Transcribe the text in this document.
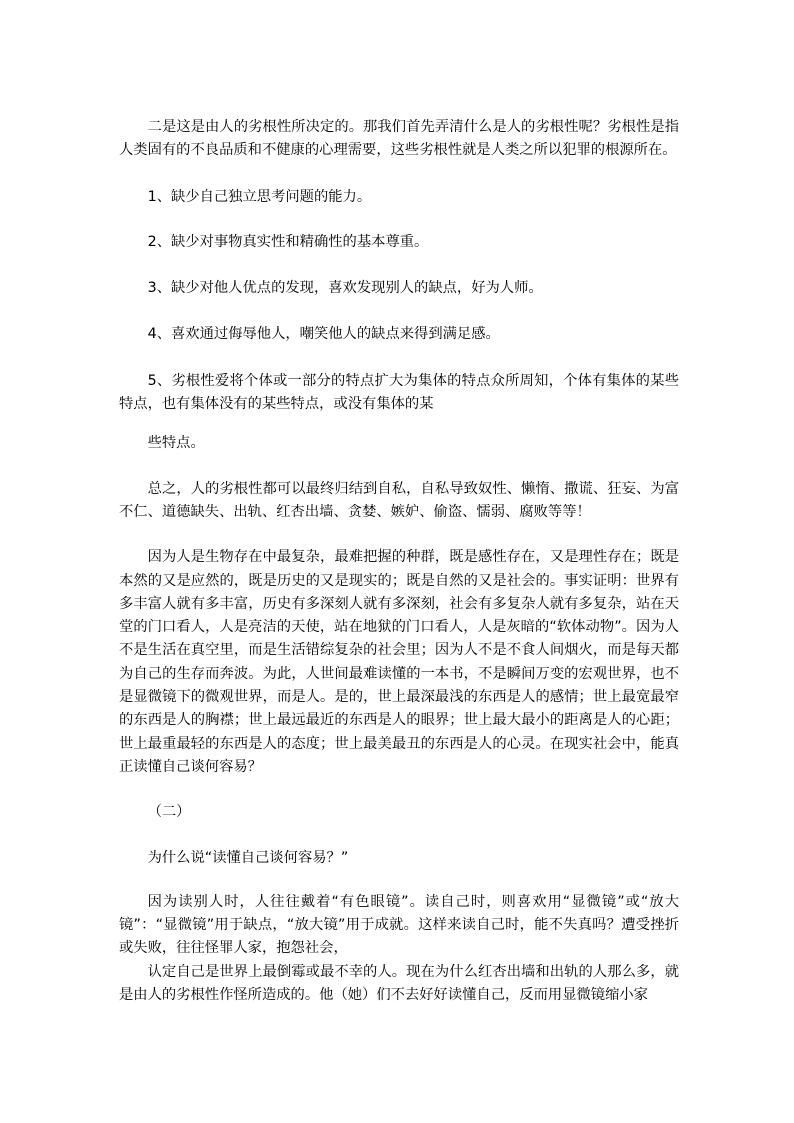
二是这是由人的劣根性所决定的。那我们首先弄清什么是人的劣根性呢？劣根性是指人类固有的不良品质和不健康的心理需要，这些劣根性就是人类之所以犯罪的根源所在。

1、缺少自己独立思考问题的能力。

2、缺少对事物真实性和精确性的基本尊重。

3、缺少对他人优点的发现，喜欢发现别人的缺点，好为人师。

4、喜欢通过侮辱他人，嘲笑他人的缺点来得到满足感。

5、劣根性爱将个体或一部分的特点扩大为集体的特点众所周知，个体有集体的某些特点，也有集体没有的某些特点，或没有集体的某

些特点。

总之，人的劣根性都可以最终归结到自私，自私导致奴性、懒惰、撒谎、狂妄、为富不仁、道德缺失、出轨、红杏出墙、贪婪、嫉妒、偷盗、懦弱、腐败等等！

因为人是生物存在中最复杂，最难把握的种群，既是感性存在，又是理性存在；既是本然的又是应然的，既是历史的又是现实的；既是自然的又是社会的。事实证明：世界有多丰富人就有多丰富，历史有多深刻人就有多深刻，社会有多复杂人就有多复杂，站在天堂的门口看人，人是亮洁的天使，站在地狱的门口看人，人是灰暗的“软体动物”。因为人不是生活在真空里，而是生活错综复杂的社会里；因为人不是不食人间烟火，而是每天都为自己的生存而奔波。为此，人世间最难读懂的一本书，不是瞬间万变的宏观世界，也不是显微镜下的微观世界，而是人。是的，世上最深最浅的东西是人的感情；世上最宽最窄的东西是人的胸襟；世上最远最近的东西是人的眼界；世上最大最小的距离是人的心距；世上最重最轻的东西是人的态度；世上最美最丑的东西是人的心灵。在现实社会中，能真正读懂自己谈何容易？

（二）

为什么说“读懂自己谈何容易？”

因为读别人时，人往往戴着“有色眼镜”。读自己时，则喜欢用“显微镜”或“放大镜”：“显微镜”用于缺点，“放大镜”用于成就。这样来读自己时，能不失真吗？遭受挫折或失败，往往怪罪人家，抱怨社会，

认定自己是世界上最倒霉或最不幸的人。现在为什么红杏出墙和出轨的人那么多，就是由人的劣根性作怪所造成的。他（她）们不去好好读懂自己，反而用显微镜缩小家
